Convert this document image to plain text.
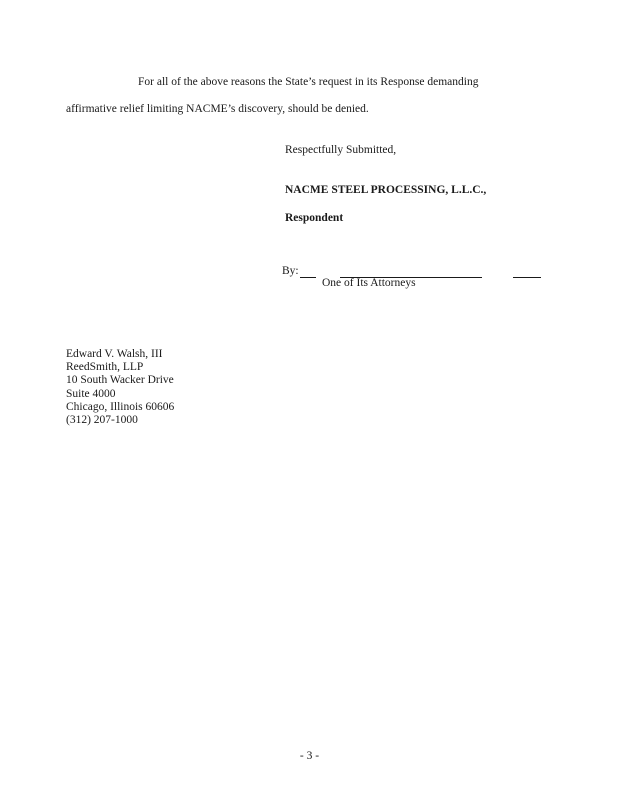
For all of the above reasons the State’s request in its Response demanding
affirmative relief limiting NACME’s discovery, should be denied.
Respectfully Submitted,
NACME STEEL PROCESSING, L.L.C.,
Respondent
By:
One of Its Attorneys
Edward V. Walsh, III
ReedSmith, LLP
10 South Wacker Drive
Suite 4000
Chicago, Illinois 60606
(312) 207-1000
- 3 -
